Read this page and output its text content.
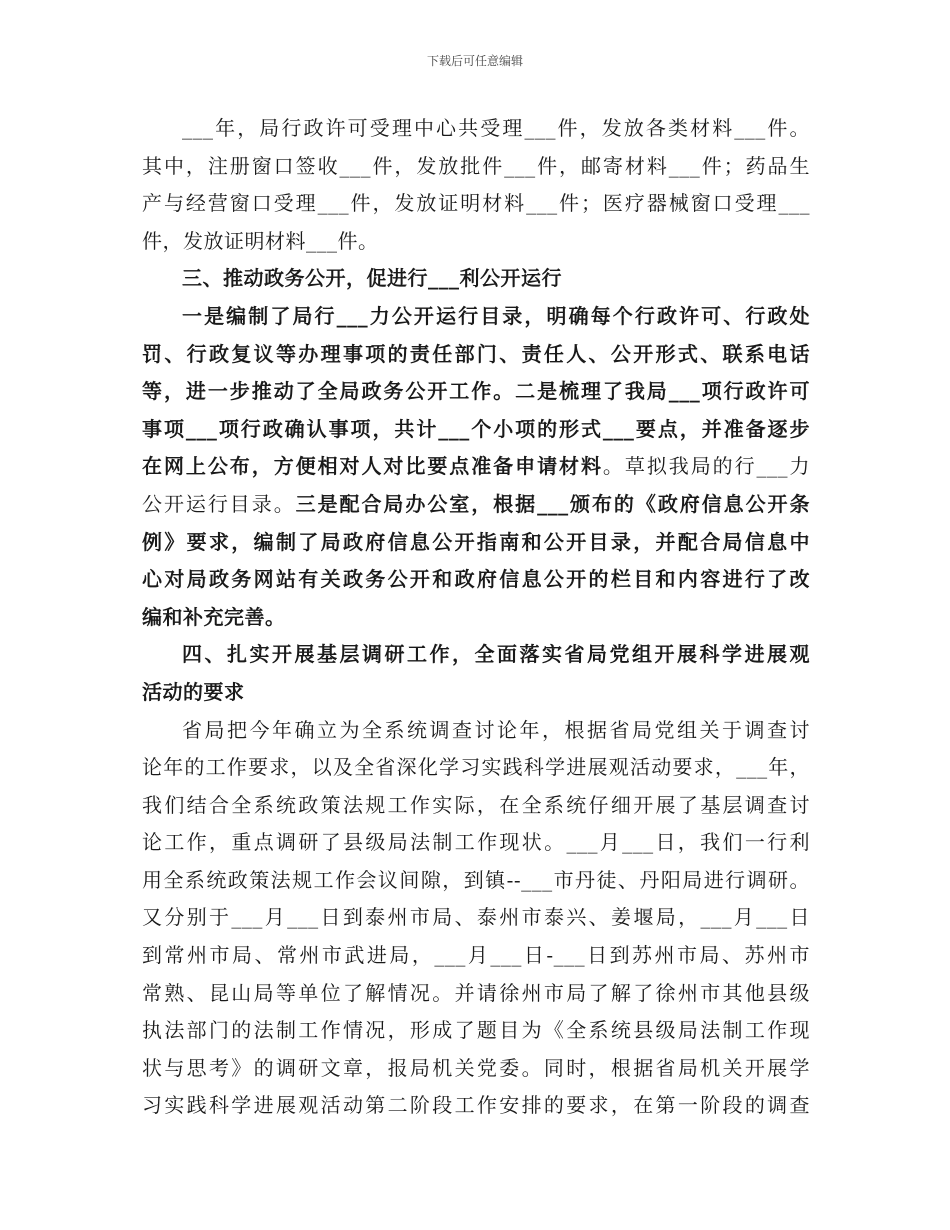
下载后可任意编辑
___年，局行政许可受理中心共受理___件，发放各类材料___件。
其中，注册窗口签收___件，发放批件___件，邮寄材料___件；药品生
产与经营窗口受理___件，发放证明材料___件；医疗器械窗口受理___
件，发放证明材料___件。
三、推动政务公开，促进行___利公开运行
一是编制了局行___力公开运行目录，明确每个行政许可、行政处
罚、行政复议等办理事项的责任部门、责任人、公开形式、联系电话
等，进一步推动了全局政务公开工作。二是梳理了我局___项行政许可
事项___项行政确认事项，共计___个小项的形式___要点，并准备逐步
在网上公布，方便相对人对比要点准备申请材料。草拟我局的行___力
公开运行目录。三是配合局办公室，根据___颁布的《政府信息公开条
例》要求，编制了局政府信息公开指南和公开目录，并配合局信息中
心对局政务网站有关政务公开和政府信息公开的栏目和内容进行了改
编和补充完善。
四、扎实开展基层调研工作，全面落实省局党组开展科学进展观
活动的要求
省局把今年确立为全系统调查讨论年，根据省局党组关于调查讨
论年的工作要求，以及全省深化学习实践科学进展观活动要求，___年，
我们结合全系统政策法规工作实际，在全系统仔细开展了基层调查讨
论工作，重点调研了县级局法制工作现状。___月___日，我们一行利
用全系统政策法规工作会议间隙，到镇--___市丹徒、丹阳局进行调研。
又分别于___月___日到泰州市局、泰州市泰兴、姜堰局，___月___日
到常州市局、常州市武进局，___月___日-___日到苏州市局、苏州市
常熟、昆山局等单位了解情况。并请徐州市局了解了徐州市其他县级
执法部门的法制工作情况，形成了题目为《全系统县级局法制工作现
状与思考》的调研文章，报局机关党委。同时，根据省局机关开展学
习实践科学进展观活动第二阶段工作安排的要求，在第一阶段的调查
